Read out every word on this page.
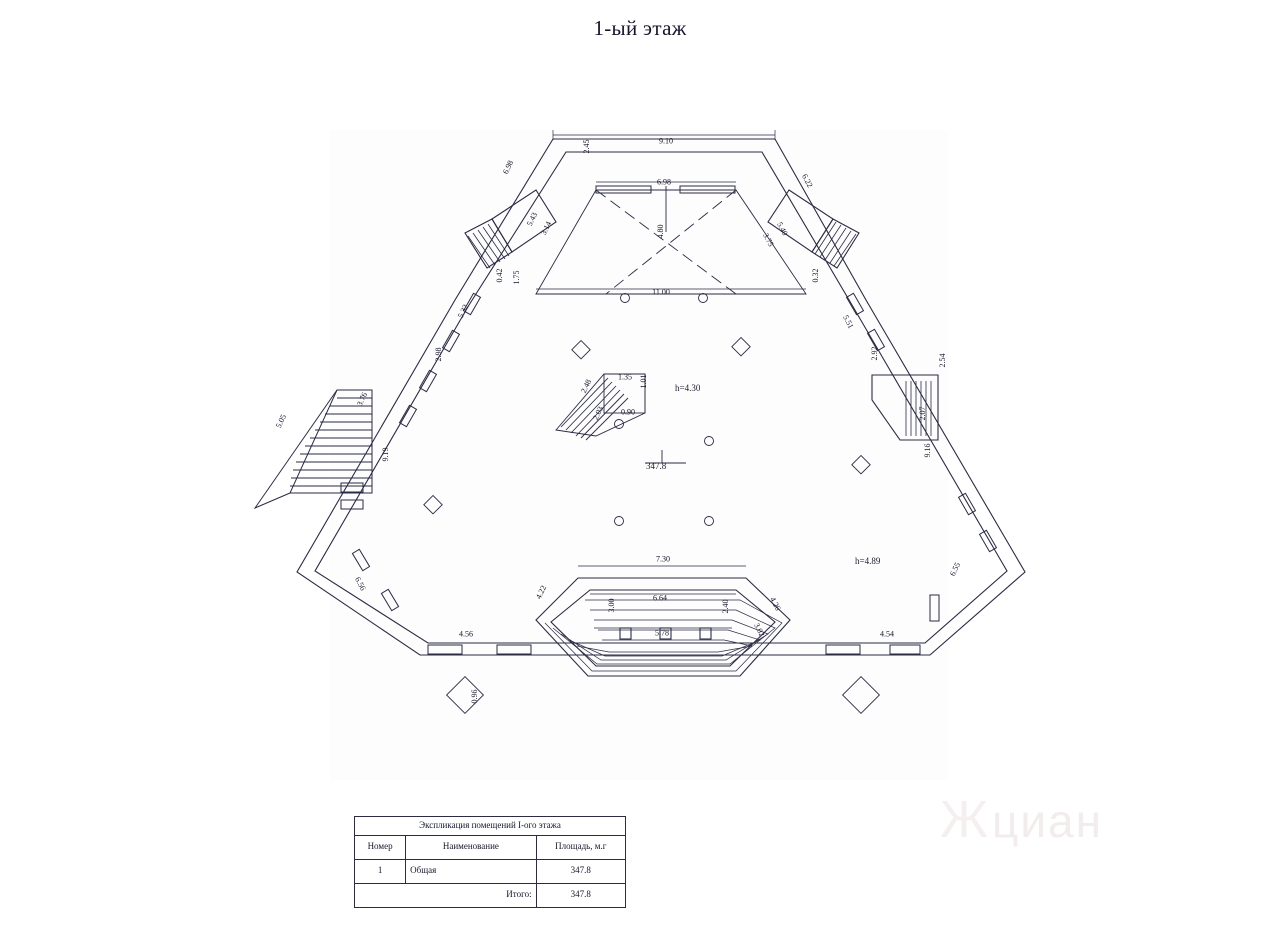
1-ый этаж
9.10
6.98
6.98
6.22
2.45
5.43
3.14	5.40
3.75
4.80
11.00
0.42 1.75	0.32
5.32
5.51
2.98	2.92	2.54
2.07
3.76
5.05
9.19	9.16
6.56
6.55
4.56	4.54
7.30
6.64
5.78
4.22
4.26
3.00	2.40
3.02
0.96
1.35
2.48
2.03
1.01
0.90
h=4.30
h=4.89
347.8
Жциан
Экспликация помещений I-ого этажа		
Номер	Наименование	Площадь, м.г
1	Общая	347.8
Итого:		347.8
